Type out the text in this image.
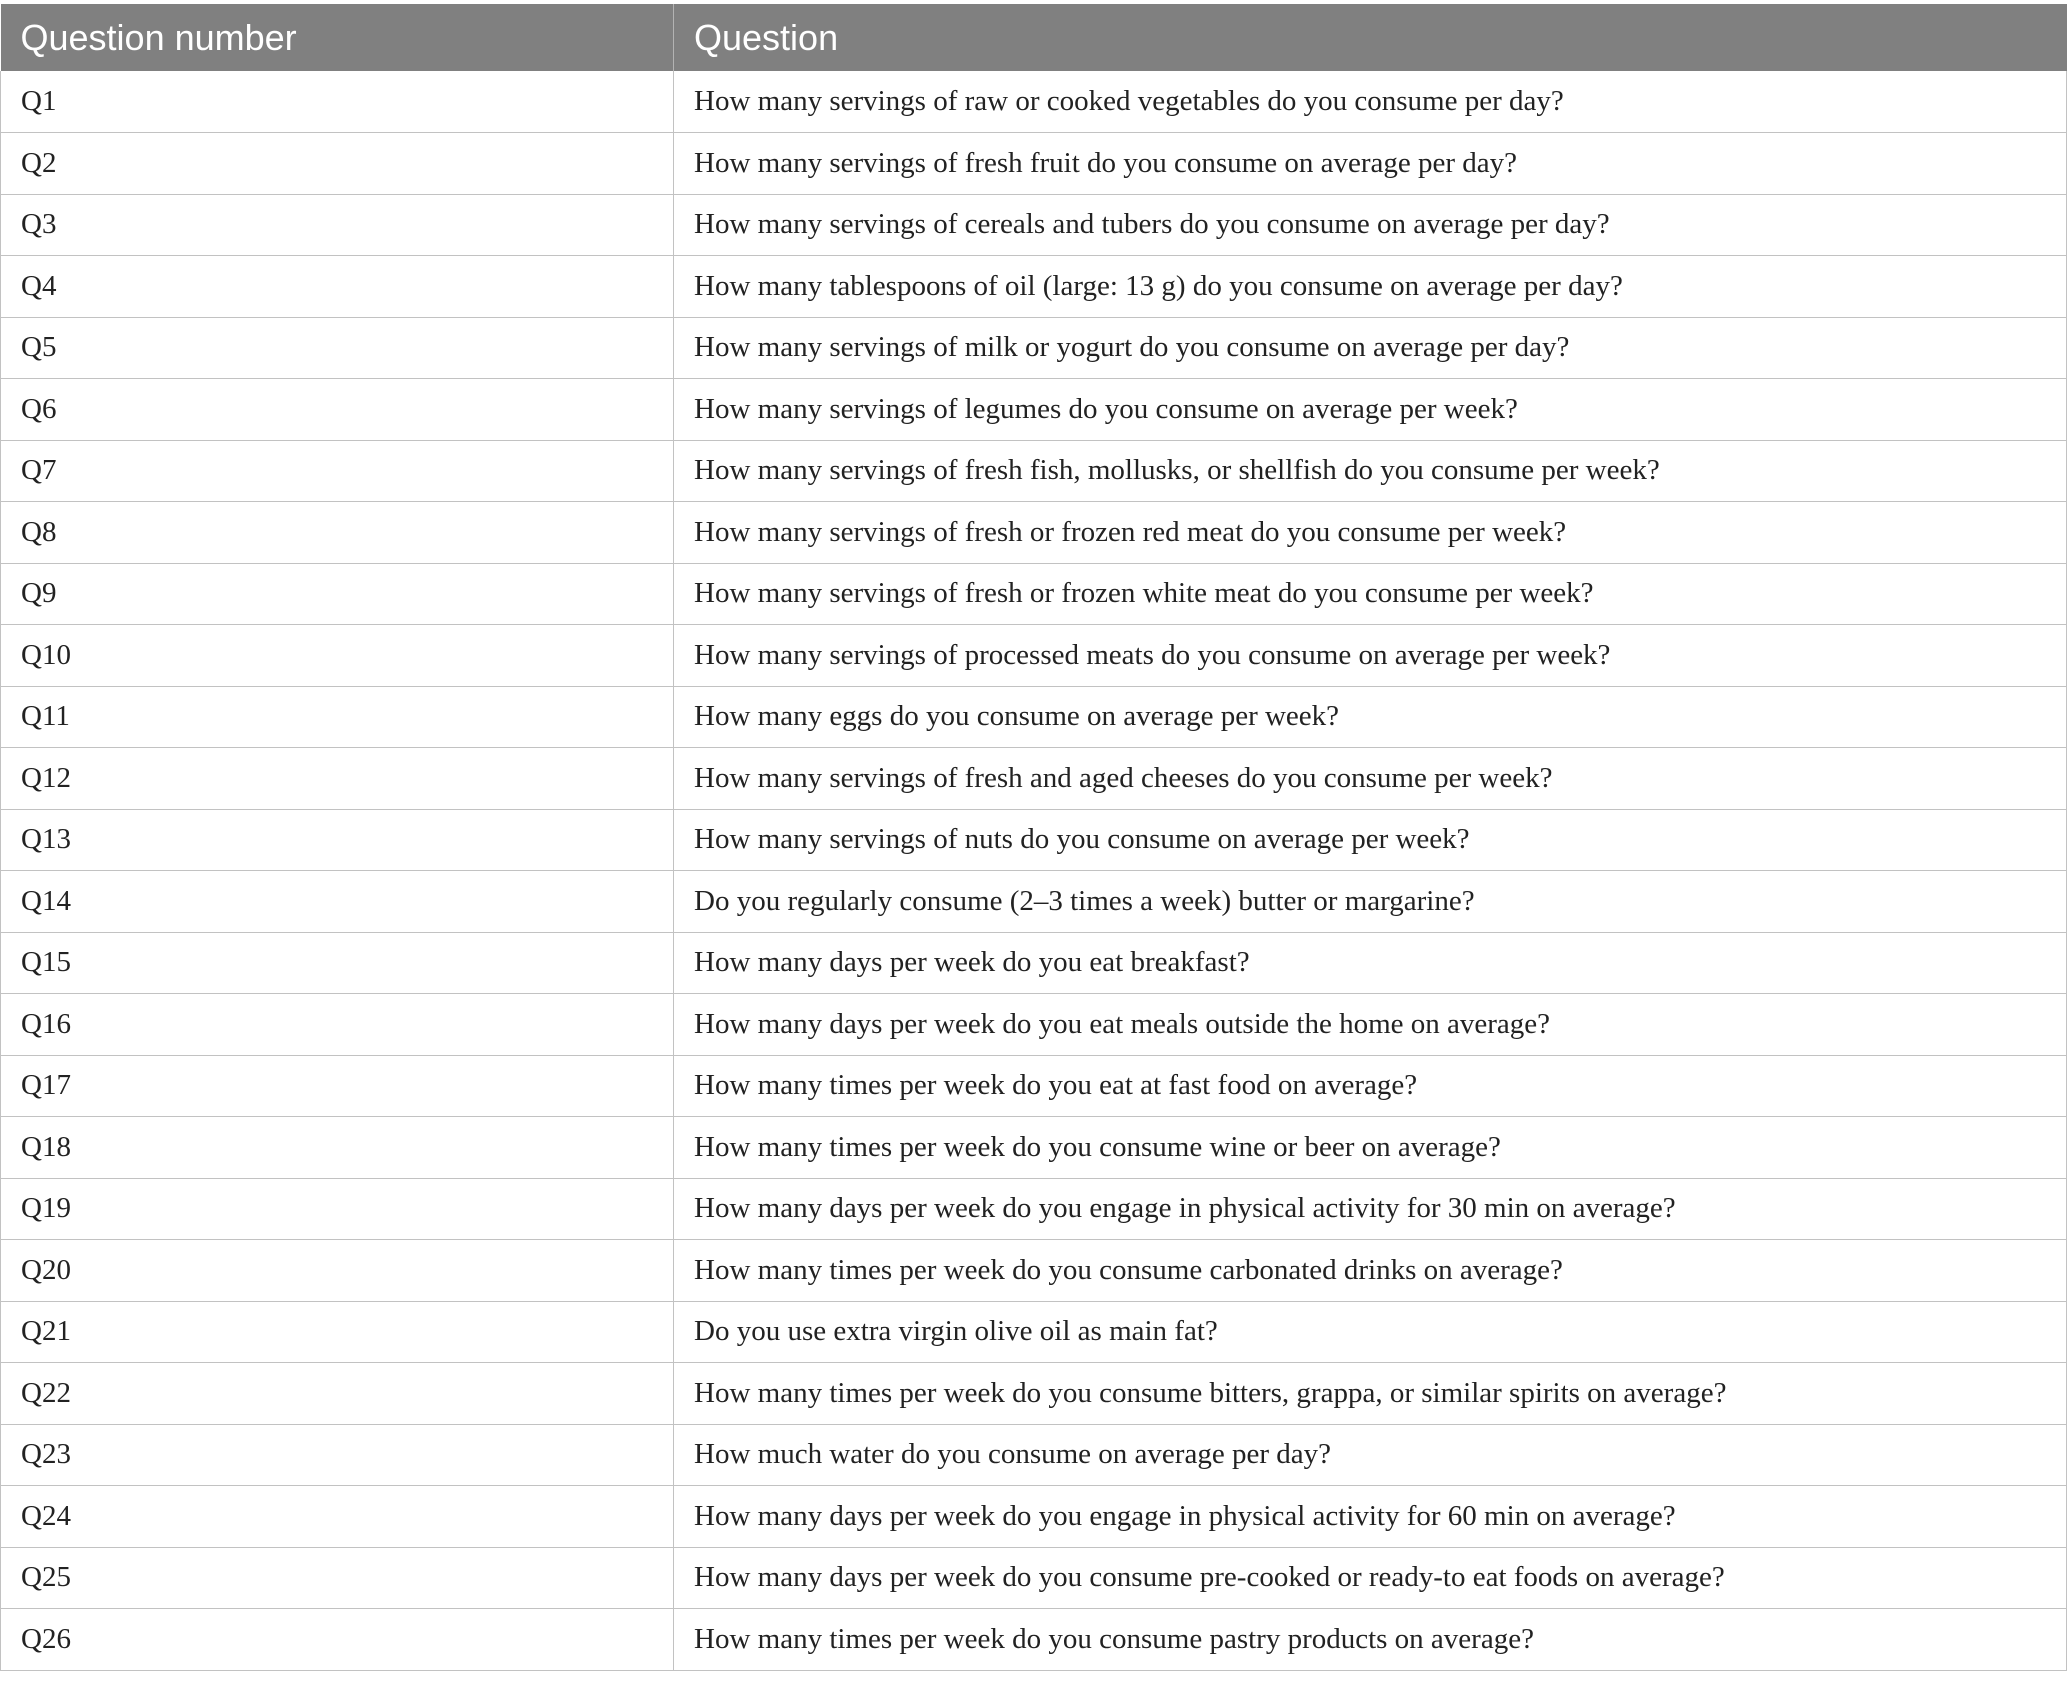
Question number	Question
Q1	How many servings of raw or cooked vegetables do you consume per day?
Q2	How many servings of fresh fruit do you consume on average per day?
Q3	How many servings of cereals and tubers do you consume on average per day?
Q4	How many tablespoons of oil (large: 13 g) do you consume on average per day?
Q5	How many servings of milk or yogurt do you consume on average per day?
Q6	How many servings of legumes do you consume on average per week?
Q7	How many servings of fresh fish, mollusks, or shellfish do you consume per week?
Q8	How many servings of fresh or frozen red meat do you consume per week?
Q9	How many servings of fresh or frozen white meat do you consume per week?
Q10	How many servings of processed meats do you consume on average per week?
Q11	How many eggs do you consume on average per week?
Q12	How many servings of fresh and aged cheeses do you consume per week?
Q13	How many servings of nuts do you consume on average per week?
Q14	Do you regularly consume (2–3 times a week) butter or margarine?
Q15	How many days per week do you eat breakfast?
Q16	How many days per week do you eat meals outside the home on average?
Q17	How many times per week do you eat at fast food on average?
Q18	How many times per week do you consume wine or beer on average?
Q19	How many days per week do you engage in physical activity for 30 min on average?
Q20	How many times per week do you consume carbonated drinks on average?
Q21	Do you use extra virgin olive oil as main fat?
Q22	How many times per week do you consume bitters, grappa, or similar spirits on average?
Q23	How much water do you consume on average per day?
Q24	How many days per week do you engage in physical activity for 60 min on average?
Q25	How many days per week do you consume pre-cooked or ready-to eat foods on average?
Q26	How many times per week do you consume pastry products on average?
